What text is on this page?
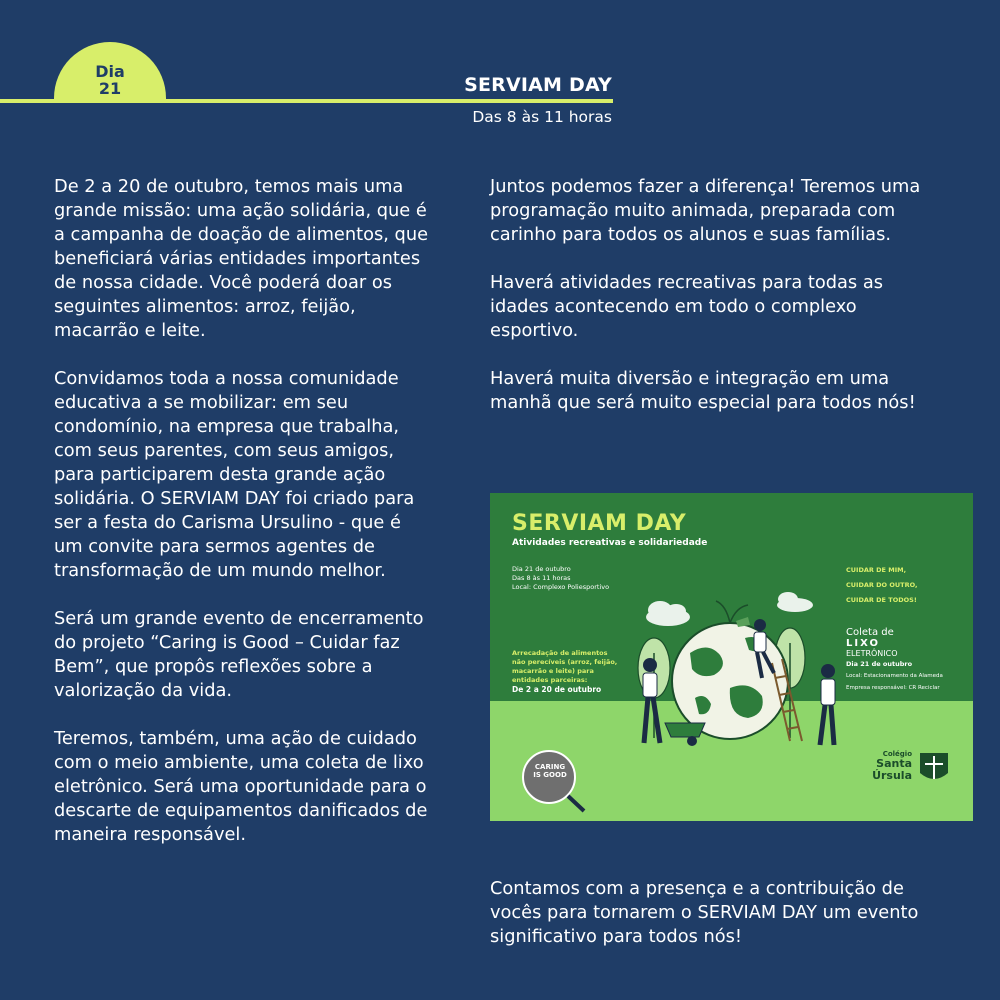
Dia
21	SERVIAM DAY
Das 8 às 11 horas

De 2 a 20 de outubro, temos mais uma grande missão: uma ação solidária, que é a campanha de doação de alimentos, que beneficiará várias entidades importantes de nossa cidade. Você poderá doar os seguintes alimentos: arroz, feijão, macarrão e leite.

Convidamos toda a nossa comunidade educativa a se mobilizar: em seu condomínio, na empresa que trabalha, com seus parentes, com seus amigos, para participarem desta grande ação solidária. O SERVIAM DAY foi criado para ser a festa do Carisma Ursulino - que é um convite para sermos agentes de transformação de um mundo melhor.

Será um grande evento de encerramento do projeto “Caring is Good – Cuidar faz Bem”, que propôs reflexões sobre a valorização da vida.

Teremos, também, uma ação de cuidado com o meio ambiente, uma coleta de lixo eletrônico. Será uma oportunidade para o descarte de equipamentos danificados de maneira responsável.

Juntos podemos fazer a diferença! Teremos uma programação muito animada, preparada com carinho para todos os alunos e suas famílias.

Haverá atividades recreativas para todas as idades acontecendo em todo o complexo esportivo.

Haverá muita diversão e integração em uma manhã que será muito especial para todos nós!

SERVIAM DAY
Atividades recreativas e solidariedade
Dia 21 de outubro
Das 8 às 11 horas
Local: Complexo Poliesportivo
CUIDAR DE MIM,
CUIDAR DO OUTRO,
CUIDAR DE TODOS!
Coleta de
LIXO
ELETRÔNICO
Dia 21 de outubro
Local: Estacionamento da Alameda
Empresa responsável: CR Reciclar
Arrecadação de alimentos
não perecíveis (arroz, feijão,
macarrão e leite) para
entidades parceiras:
De 2 a 20 de outubro
CARING IS GOOD
Colégio
Santa
Úrsula

Contamos com a presença e a contribuição de vocês para tornarem o SERVIAM DAY um evento significativo para todos nós!
